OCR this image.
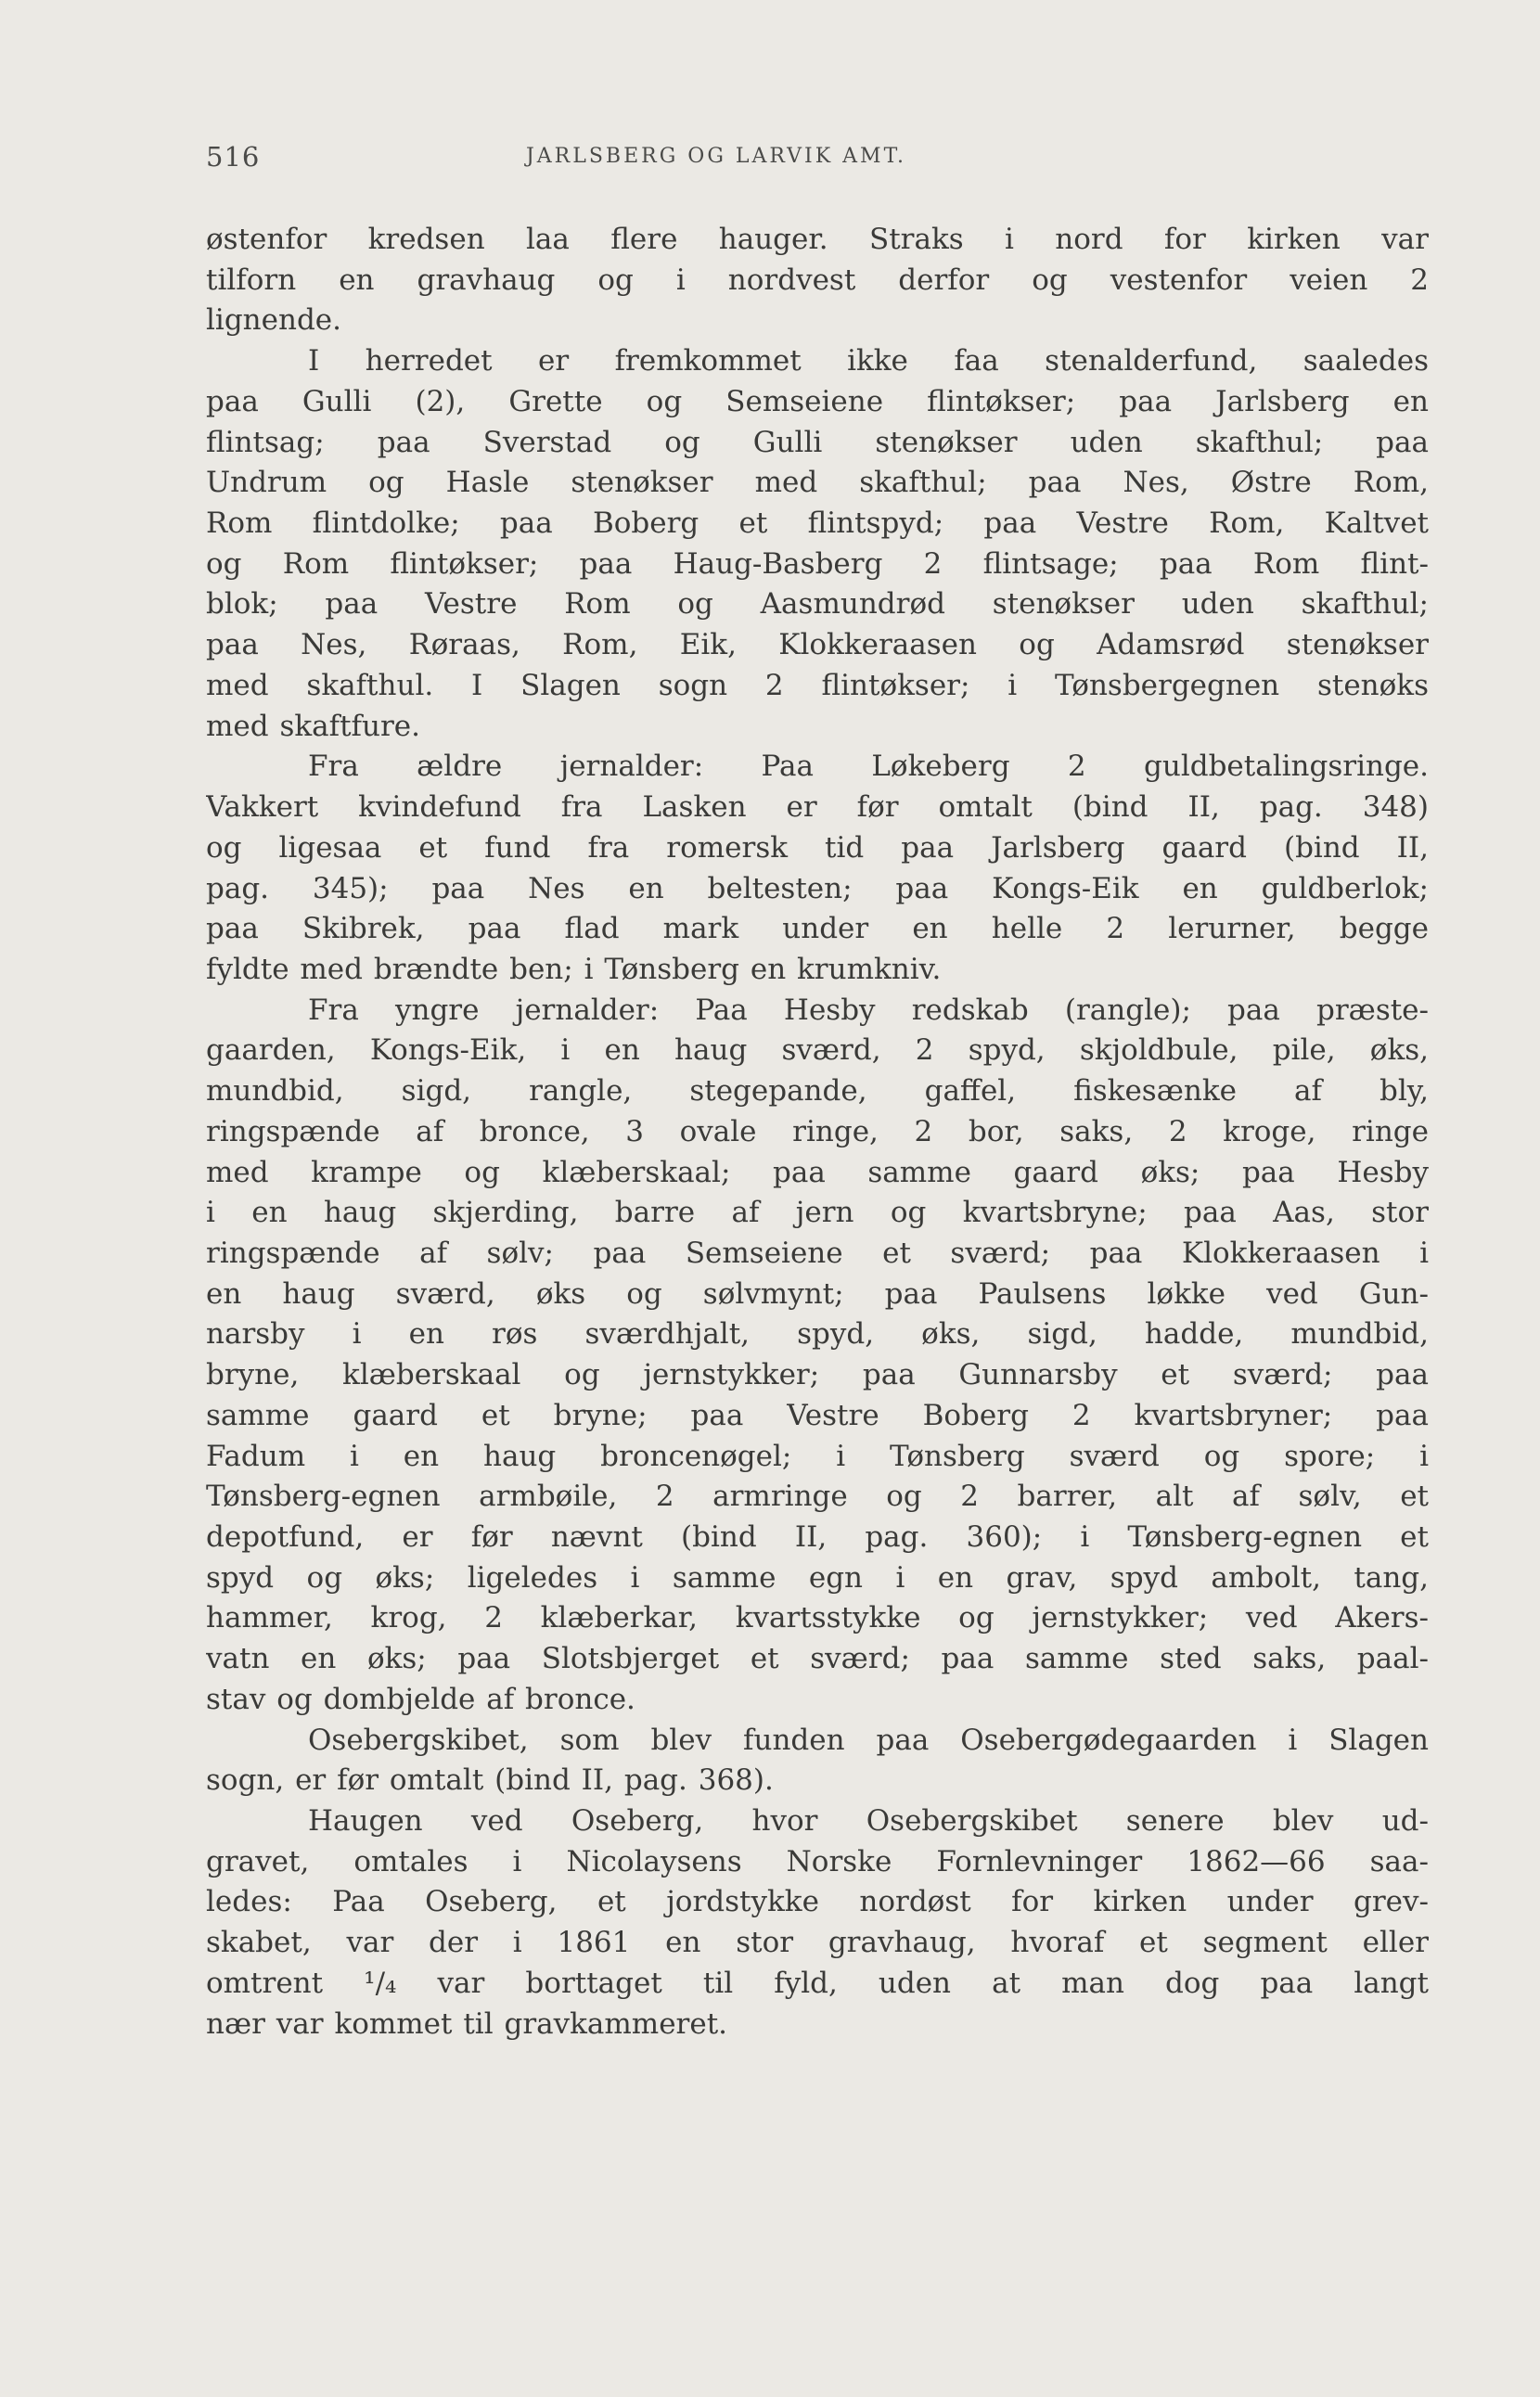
516	JARLSBERG OG LARVIK AMT.
østenfor kredsen laa flere hauger. Straks i nord for kirken var
tilforn en gravhaug og i nordvest derfor og vestenfor veien 2
lignende.
I herredet er fremkommet ikke faa stenalderfund, saaledes
paa Gulli (2), Grette og Semseiene flintøkser; paa Jarlsberg en
flintsag; paa Sverstad og Gulli stenøkser uden skafthul; paa
Undrum og Hasle stenøkser med skafthul; paa Nes, Østre Rom,
Rom flintdolke; paa Boberg et flintspyd; paa Vestre Rom, Kaltvet
og Rom flintøkser; paa Haug-Basberg 2 flintsage; paa Rom flint-
blok; paa Vestre Rom og Aasmundrød stenøkser uden skafthul;
paa Nes, Røraas, Rom, Eik, Klokkeraasen og Adamsrød stenøkser
med skafthul. I Slagen sogn 2 flintøkser; i Tønsbergegnen stenøks
med skaftfure.
Fra ældre jernalder: Paa Løkeberg 2 guldbetalingsringe.
Vakkert kvindefund fra Lasken er før omtalt (bind II, pag. 348)
og ligesaa et fund fra romersk tid paa Jarlsberg gaard (bind II,
pag. 345); paa Nes en beltesten; paa Kongs-Eik en guldberlok;
paa Skibrek, paa flad mark under en helle 2 lerurner, begge
fyldte med brændte ben; i Tønsberg en krumkniv.
Fra yngre jernalder: Paa Hesby redskab (rangle); paa præste-
gaarden, Kongs-Eik, i en haug sværd, 2 spyd, skjoldbule, pile, øks,
mundbid, sigd, rangle, stegepande, gaffel, fiskesænke af bly,
ringspænde af bronce, 3 ovale ringe, 2 bor, saks, 2 kroge, ringe
med krampe og klæberskaal; paa samme gaard øks; paa Hesby
i en haug skjerding, barre af jern og kvartsbryne; paa Aas, stor
ringspænde af sølv; paa Semseiene et sværd; paa Klokkeraasen i
en haug sværd, øks og sølvmynt; paa Paulsens løkke ved Gun-
narsby i en røs sværdhjalt, spyd, øks, sigd, hadde, mundbid,
bryne, klæberskaal og jernstykker; paa Gunnarsby et sværd; paa
samme gaard et bryne; paa Vestre Boberg 2 kvartsbryner; paa
Fadum i en haug broncenøgel; i Tønsberg sværd og spore; i
Tønsberg-egnen armbøile, 2 armringe og 2 barrer, alt af sølv, et
depotfund, er før nævnt (bind II, pag. 360); i Tønsberg-egnen et
spyd og øks; ligeledes i samme egn i en grav, spyd ambolt, tang,
hammer, krog, 2 klæberkar, kvartsstykke og jernstykker; ved Akers-
vatn en øks; paa Slotsbjerget et sværd; paa samme sted saks, paal-
stav og dombjelde af bronce.
Osebergskibet, som blev funden paa Osebergødegaarden i Slagen
sogn, er før omtalt (bind II, pag. 368).
Haugen ved Oseberg, hvor Osebergskibet senere blev ud-
gravet, omtales i Nicolaysens Norske Fornlevninger 1862—66 saa-
ledes: Paa Oseberg, et jordstykke nordøst for kirken under grev-
skabet, var der i 1861 en stor gravhaug, hvoraf et segment eller
omtrent ¹/₄ var borttaget til fyld, uden at man dog paa langt
nær var kommet til gravkammeret.
